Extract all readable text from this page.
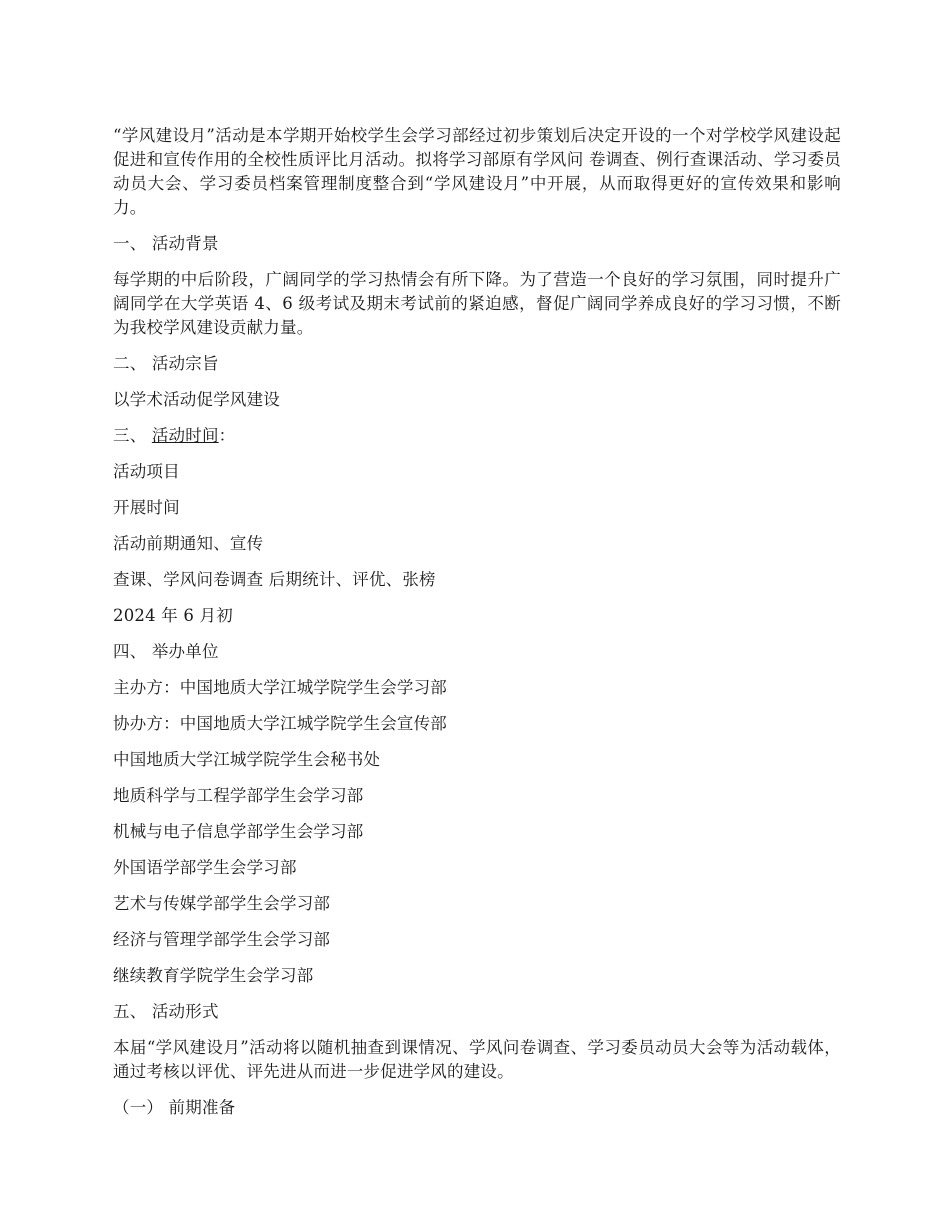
“学风建设月”活动是本学期开始校学生会学习部经过初步策划后决定开设的一个对学校学风建设起促进和宣传作用的全校性质评比月活动。拟将学习部原有学风问 卷调查、例行查课活动、学习委员动员大会、学习委员档案管理制度整合到“学风建设月”中开展，从而取得更好的宣传效果和影响力。

一、 活动背景

每学期的中后阶段，广阔同学的学习热情会有所下降。为了营造一个良好的学习氛围，同时提升广阔同学在大学英语 4、6 级考试及期末考试前的紧迫感，督促广阔同学养成良好的学习习惯，不断为我校学风建设贡献力量。

二、 活动宗旨

以学术活动促学风建设

三、 活动时间：

活动项目

开展时间

活动前期通知、宣传

查课、学风问卷调查 后期统计、评优、张榜

2024 年 6 月初

四、 举办单位

主办方：中国地质大学江城学院学生会学习部

协办方：中国地质大学江城学院学生会宣传部

中国地质大学江城学院学生会秘书处

地质科学与工程学部学生会学习部

机械与电子信息学部学生会学习部

外国语学部学生会学习部

艺术与传媒学部学生会学习部

经济与管理学部学生会学习部

继续教育学院学生会学习部

五、 活动形式

本届“学风建设月”活动将以随机抽查到课情况、学风问卷调查、学习委员动员大会等为活动载体，通过考核以评优、评先进从而进一步促进学风的建设。

（一） 前期准备
